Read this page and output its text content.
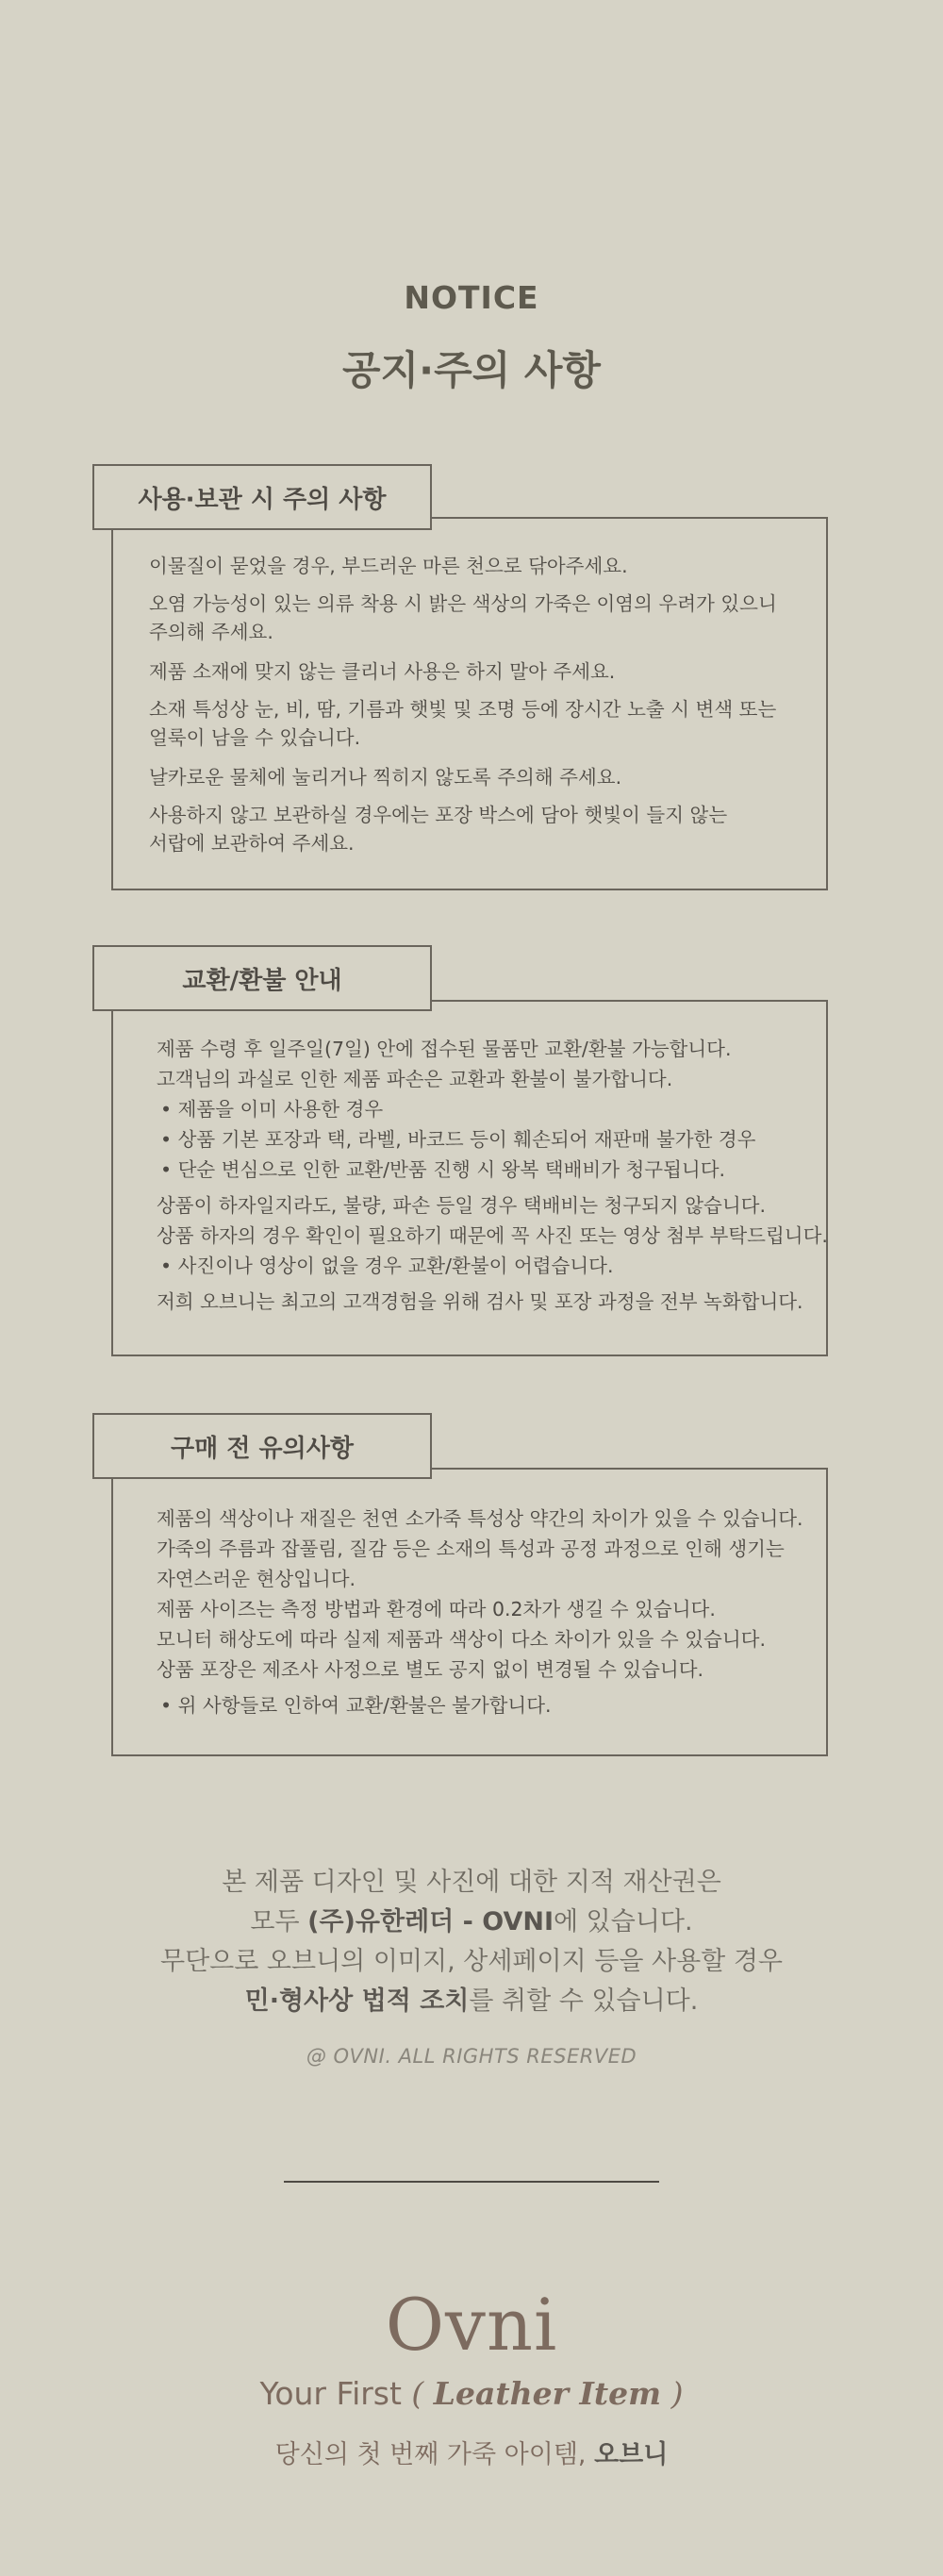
NOTICE
공지·주의 사항
이물질이 묻었을 경우, 부드러운 마른 천으로 닦아주세요.
오염 가능성이 있는 의류 착용 시 밝은 색상의 가죽은 이염의 우려가 있으니
주의해 주세요.
제품 소재에 맞지 않는 클리너 사용은 하지 말아 주세요.
소재 특성상 눈, 비, 땀, 기름과 햇빛 및 조명 등에 장시간 노출 시 변색 또는
얼룩이 남을 수 있습니다.
날카로운 물체에 눌리거나 찍히지 않도록 주의해 주세요.
사용하지 않고 보관하실 경우에는 포장 박스에 담아 햇빛이 들지 않는
서랍에 보관하여 주세요.
사용·보관 시 주의 사항
제품 수령 후 일주일(7일) 안에 접수된 물품만 교환/환불 가능합니다.
고객님의 과실로 인한 제품 파손은 교환과 환불이 불가합니다.
• 제품을 이미 사용한 경우
• 상품 기본 포장과 택, 라벨, 바코드 등이 훼손되어 재판매 불가한 경우
• 단순 변심으로 인한 교환/반품 진행 시 왕복 택배비가 청구됩니다.
상품이 하자일지라도, 불량, 파손 등일 경우 택배비는 청구되지 않습니다.
상품 하자의 경우 확인이 필요하기 때문에 꼭 사진 또는 영상 첨부 부탁드립니다.
• 사진이나 영상이 없을 경우 교환/환불이 어렵습니다.
저희 오브니는 최고의 고객경험을 위해 검사 및 포장 과정을 전부 녹화합니다.
교환/환불 안내
제품의 색상이나 재질은 천연 소가죽 특성상 약간의 차이가 있을 수 있습니다.
가죽의 주름과 잡풀림, 질감 등은 소재의 특성과 공정 과정으로 인해 생기는
자연스러운 현상입니다.
제품 사이즈는 측정 방법과 환경에 따라 0.2차가 생길 수 있습니다.
모니터 해상도에 따라 실제 제품과 색상이 다소 차이가 있을 수 있습니다.
상품 포장은 제조사 사정으로 별도 공지 없이 변경될 수 있습니다.
• 위 사항들로 인하여 교환/환불은 불가합니다.
구매 전 유의사항
본 제품 디자인 및 사진에 대한 지적 재산권은
모두 (주)유한레더 - OVNI에 있습니다.
무단으로 오브니의 이미지, 상세페이지 등을 사용할 경우
민·형사상 법적 조치를 취할 수 있습니다.
@ OVNI. ALL RIGHTS RESERVED
Ovni
Your First ( Leather Item )
당신의 첫 번째 가죽 아이템, 오브니
